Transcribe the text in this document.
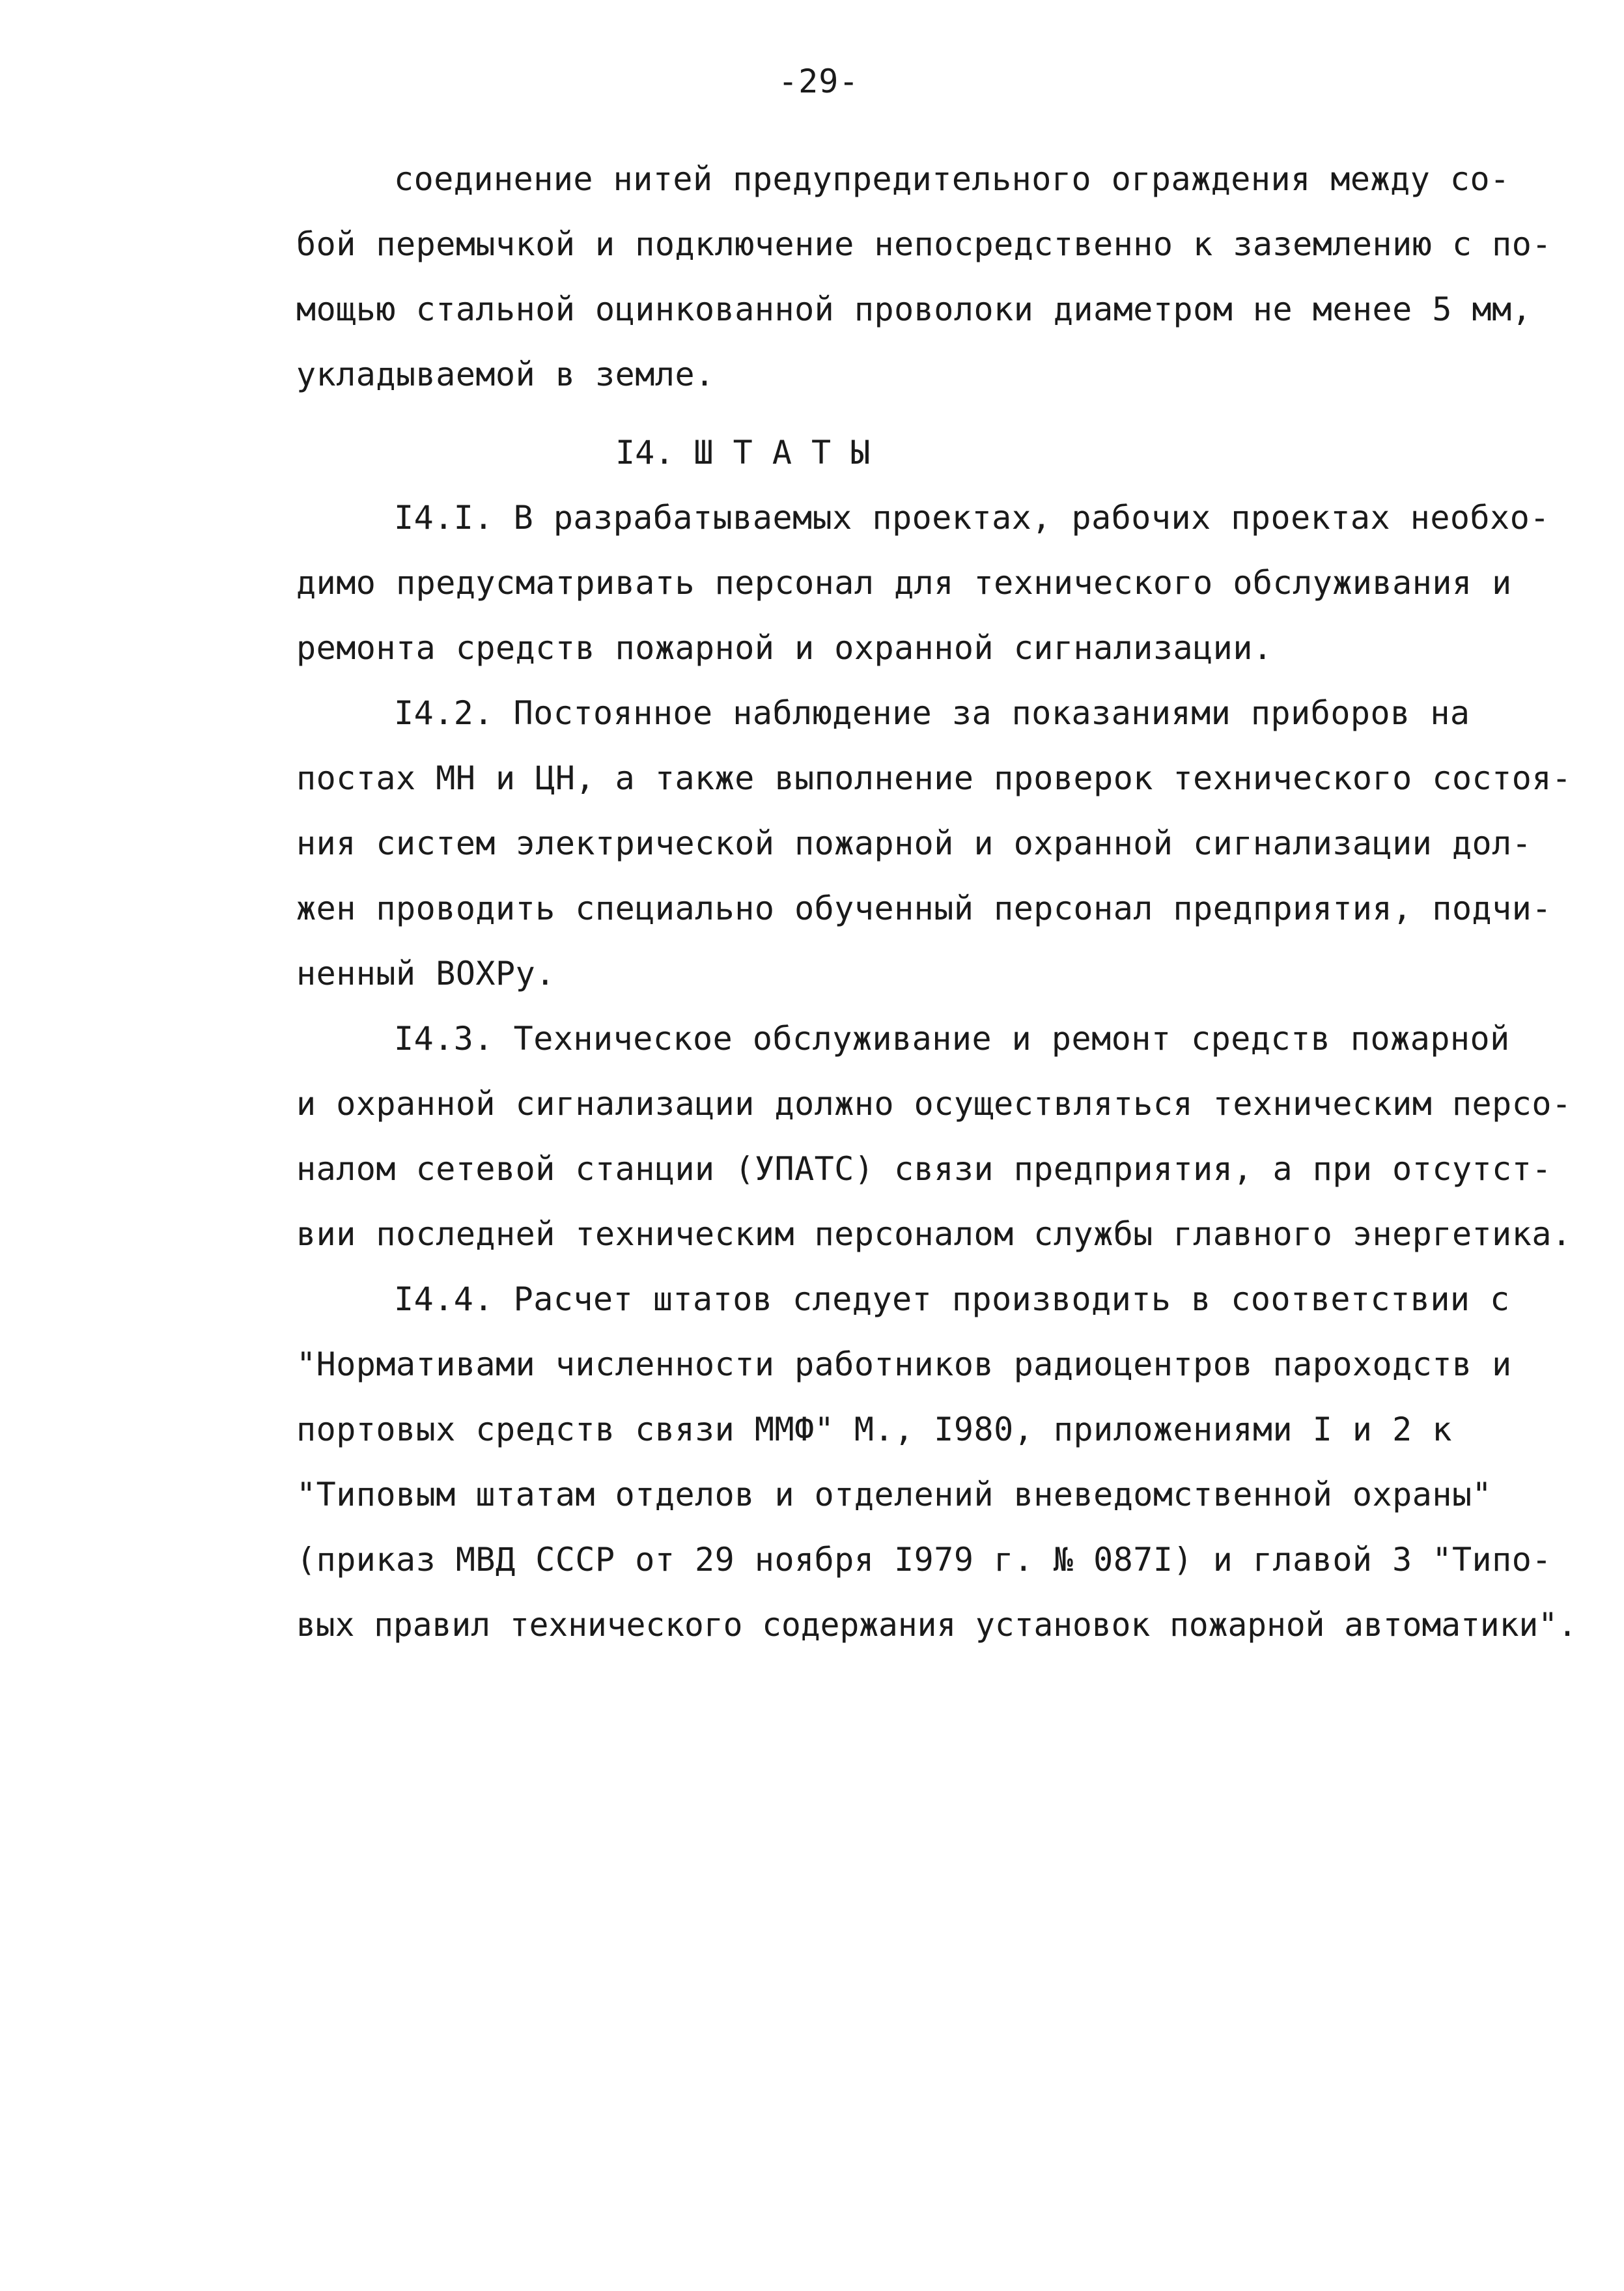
-29-
соединение нитей предупредительного ограждения между со-
бой перемычкой и подключение непосредственно к заземлению с по-
мощью стальной оцинкованной проволоки диаметром не менее 5 мм,
укладываемой в земле.
I4. Ш Т А Т Ы
I4.I. В разрабатываемых проектах, рабочих проектах необхо-
димо предусматривать персонал для технического обслуживания и
ремонта средств пожарной и охранной сигнализации.
I4.2. Постоянное наблюдение за показаниями приборов на
постах МН и ЦН, а также выполнение проверок технического состоя-
ния систем электрической пожарной и охранной сигнализации дол-
жен проводить специально обученный персонал предприятия, подчи-
ненный ВОХРу.
I4.3. Техническое обслуживание и ремонт средств пожарной
и охранной сигнализации должно осуществляться техническим персо-
налом сетевой станции (УПАТС) связи предприятия, а при отсутст-
вии последней техническим персоналом службы главного энергетика.
I4.4. Расчет штатов следует производить в соответствии с
"Нормативами численности работников радиоцентров пароходств и
портовых средств связи ММФ" М., I980, приложениями I и 2 к
"Типовым штатам отделов и отделений вневедомственной охраны"
(приказ МВД СССР от 29 ноября I979 г. № 087I) и главой 3 "Типо-
вых правил технического содержания установок пожарной автоматики".
